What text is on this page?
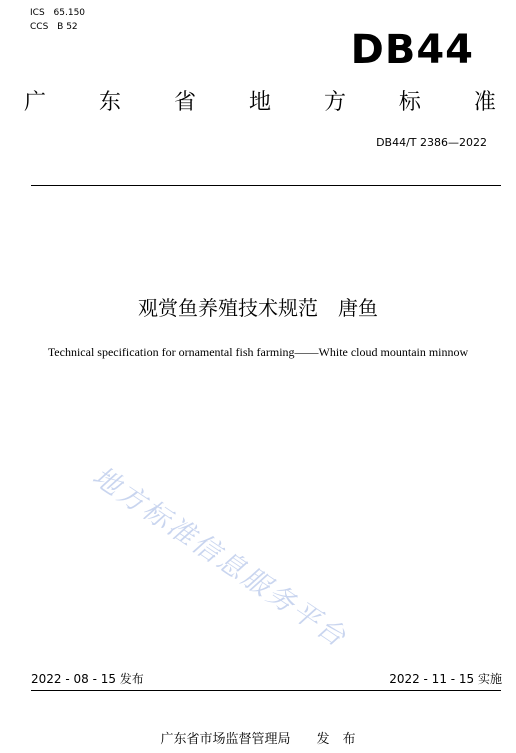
ICS 65.150
CCS B 52	DB44
广 东 省 地 方 标 准
DB44/T 2386—2022
观赏鱼养殖技术规范　唐鱼
Technical specification for ornamental fish farming——White cloud mountain minnow
地方标准信息服务平台
2022 - 08 - 15 发布	2022 - 11 - 15 实施
广东省市场监督管理局　　发　布
